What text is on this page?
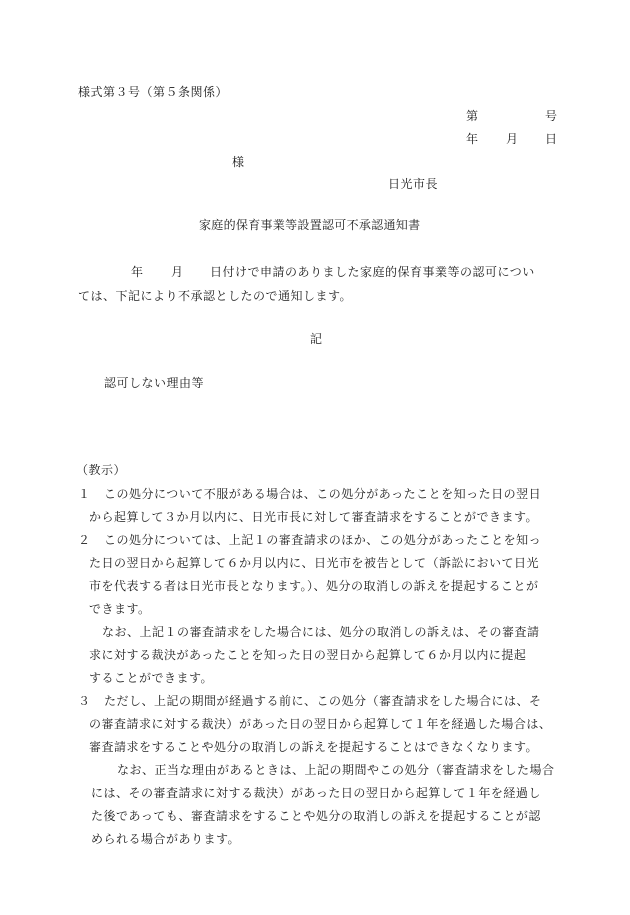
様式第３号（第５条関係）
第	号
年 月 日
様
日光市長
家庭的保育事業等設置認可不承認通知書
年 月 日付けで申請のありました家庭的保育事業等の認可につい
ては、下記により不承認としたので通知します。
記
認可しない理由等
（教示）
１ この処分について不服がある場合は、この処分があったことを知った日の翌日
から起算して３か月以内に、日光市長に対して審査請求をすることができます。
２ この処分については、上記１の審査請求のほか、この処分があったことを知っ
た日の翌日から起算して６か月以内に、日光市を被告として（訴訟において日光
市を代表する者は日光市長となります。）、処分の取消しの訴えを提起することが
できます。
なお、上記１の審査請求をした場合には、処分の取消しの訴えは、その審査請
求に対する裁決があったことを知った日の翌日から起算して６か月以内に提起
することができます。
３ ただし、上記の期間が経過する前に、この処分（審査請求をした場合には、そ
の審査請求に対する裁決）があった日の翌日から起算して１年を経過した場合は、
審査請求をすることや処分の取消しの訴えを提起することはできなくなります。
なお、正当な理由があるときは、上記の期間やこの処分（審査請求をした場合
には、その審査請求に対する裁決）があった日の翌日から起算して１年を経過し
た後であっても、審査請求をすることや処分の取消しの訴えを提起することが認
められる場合があります。
